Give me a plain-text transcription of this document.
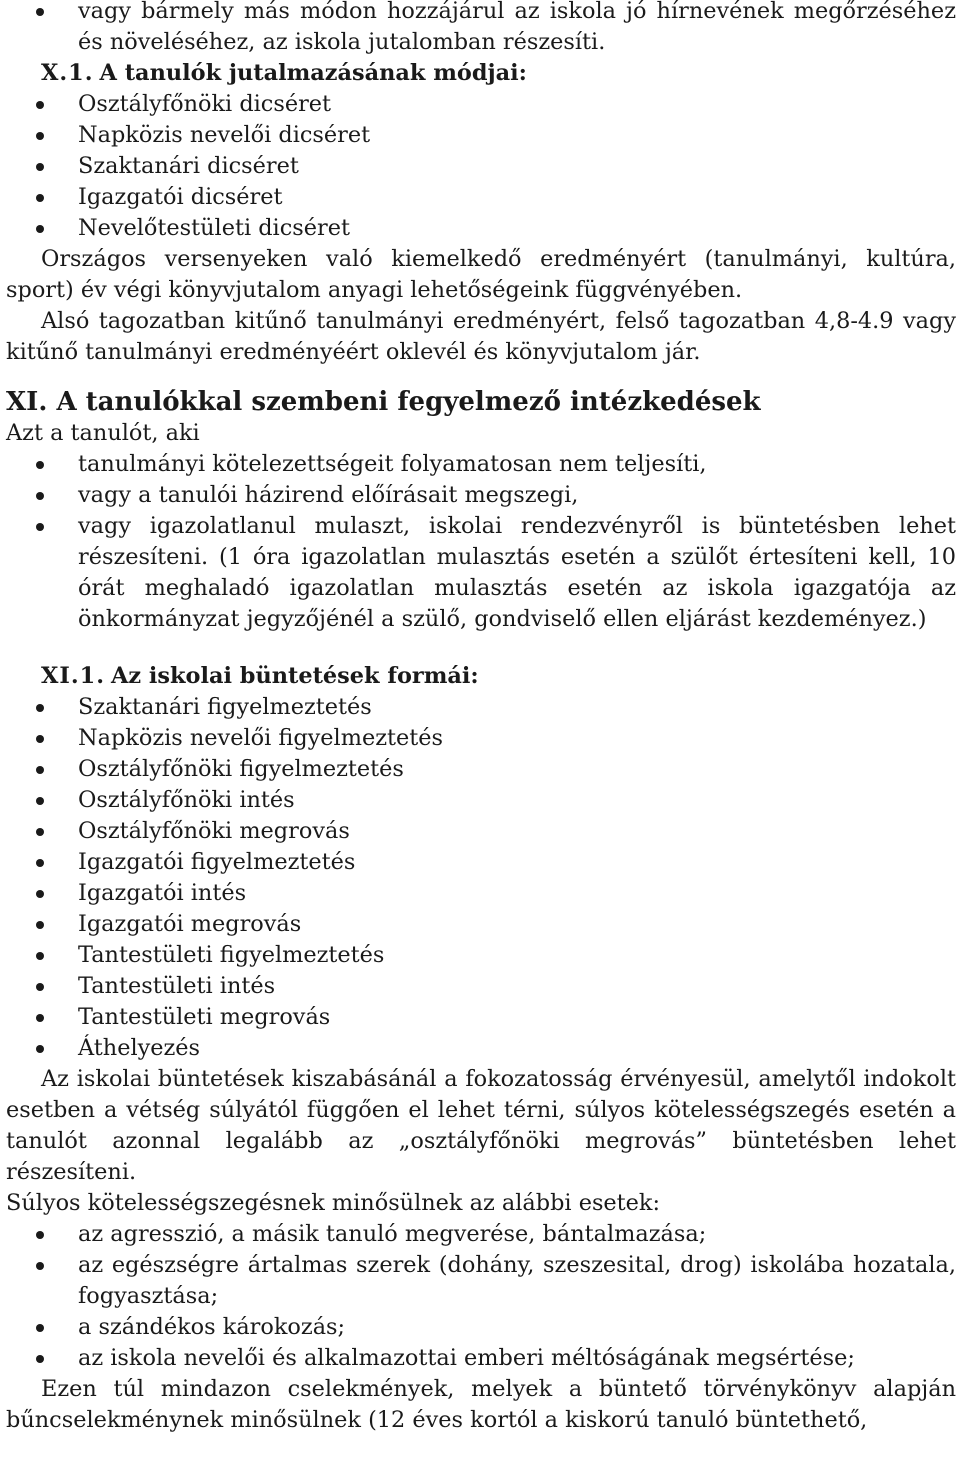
vagy bármely más módon hozzájárul az iskola jó hírnevének megőrzéséhez és növeléséhez, az iskola jutalomban részesíti.

X.1. A tanulók jutalmazásának módjai:

Osztályfőnöki dicséret
Napközis nevelői dicséret
Szaktanári dicséret
Igazgatói dicséret
Nevelőtestületi dicséret

Országos versenyeken való kiemelkedő eredményért (tanulmányi, kultúra, sport) év végi könyvjutalom anyagi lehetőségeink függvényében.

Alsó tagozatban kitűnő tanulmányi eredményért, felső tagozatban 4,8-4.9 vagy kitűnő tanulmányi eredményéért oklevél és könyvjutalom jár.

XI. A tanulókkal szembeni fegyelmező intézkedések

Azt a tanulót, aki

tanulmányi kötelezettségeit folyamatosan nem teljesíti,
vagy a tanulói házirend előírásait megszegi,
vagy igazolatlanul mulaszt, iskolai rendezvényről is büntetésben lehet részesíteni. (1 óra igazolatlan mulasztás esetén a szülőt értesíteni kell, 10 órát meghaladó igazolatlan mulasztás esetén az iskola igazgatója az önkormányzat jegyzőjénél a szülő, gondviselő ellen eljárást kezdeményez.)

XI.1. Az iskolai büntetések formái:

Szaktanári figyelmeztetés
Napközis nevelői figyelmeztetés
Osztályfőnöki figyelmeztetés
Osztályfőnöki intés
Osztályfőnöki megrovás
Igazgatói figyelmeztetés
Igazgatói intés
Igazgatói megrovás
Tantestületi figyelmeztetés
Tantestületi intés
Tantestületi megrovás
Áthelyezés

Az iskolai büntetések kiszabásánál a fokozatosság érvényesül, amelytől indokolt esetben a vétség súlyától függően el lehet térni, súlyos kötelességszegés esetén a tanulót azonnal legalább az „osztályfőnöki megrovás” büntetésben lehet részesíteni.

Súlyos kötelességszegésnek minősülnek az alábbi esetek:

az agresszió, a másik tanuló megverése, bántalmazása;
az egészségre ártalmas szerek (dohány, szeszesital, drog) iskolába hozatala, fogyasztása;
a szándékos károkozás;
az iskola nevelői és alkalmazottai emberi méltóságának megsértése;

Ezen túl mindazon cselekmények, melyek a büntető törvénykönyv alapján bűncselekménynek minősülnek (12 éves kortól a kiskorú tanuló büntethető,
